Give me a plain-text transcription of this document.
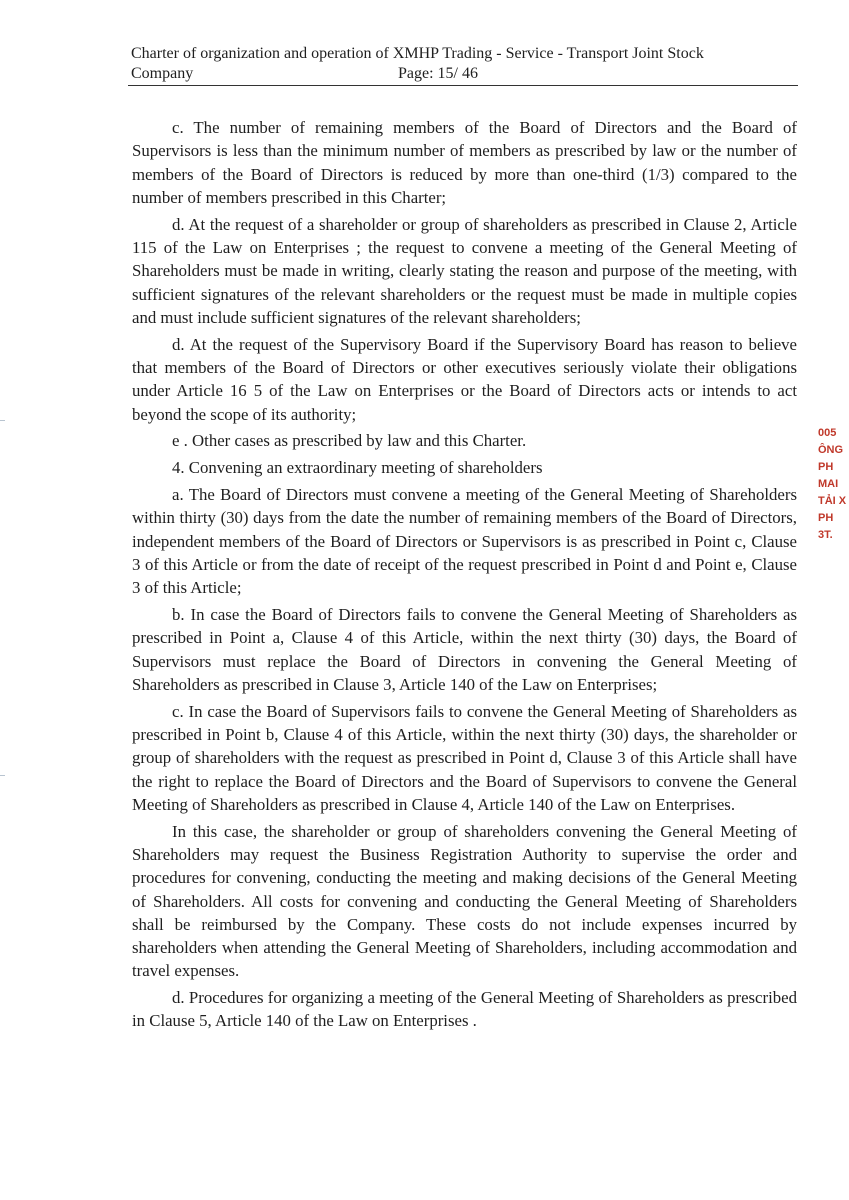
Charter of organization and operation of XMHP Trading - Service - Transport Joint Stock
Company	Page: 15/ 46

c. The number of remaining members of the Board of Directors and the Board of Supervisors is less than the minimum number of members as prescribed by law or the number of members of the Board of Directors is reduced by more than one-third (1/3) compared to the number of members prescribed in this Charter;

d. At the request of a shareholder or group of shareholders as prescribed in Clause 2, Article 115 of the Law on Enterprises ; the request to convene a meeting of the General Meeting of Shareholders must be made in writing, clearly stating the reason and purpose of the meeting, with sufficient signatures of the relevant shareholders or the request must be made in multiple copies and must include sufficient signatures of the relevant shareholders;

d. At the request of the Supervisory Board if the Supervisory Board has reason to believe that members of the Board of Directors or other executives seriously violate their obligations under Article 16 5 of the Law on Enterprises or the Board of Directors acts or intends to act beyond the scope of its authority;

e . Other cases as prescribed by law and this Charter.

4. Convening an extraordinary meeting of shareholders

a. The Board of Directors must convene a meeting of the General Meeting of Shareholders within thirty (30) days from the date the number of remaining members of the Board of Directors, independent members of the Board of Directors or Supervisors is as prescribed in Point c, Clause 3 of this Article or from the date of receipt of the request prescribed in Point d and Point e, Clause 3 of this Article;

b. In case the Board of Directors fails to convene the General Meeting of Shareholders as prescribed in Point a, Clause 4 of this Article, within the next thirty (30) days, the Board of Supervisors must replace the Board of Directors in convening the General Meeting of Shareholders as prescribed in Clause 3, Article 140 of the Law on Enterprises;

c. In case the Board of Supervisors fails to convene the General Meeting of Shareholders as prescribed in Point b, Clause 4 of this Article, within the next thirty (30) days, the shareholder or group of shareholders with the request as prescribed in Point d, Clause 3 of this Article shall have the right to replace the Board of Directors and the Board of Supervisors to convene the General Meeting of Shareholders as prescribed in Clause 4, Article 140 of the Law on Enterprises.

In this case, the shareholder or group of shareholders convening the General Meeting of Shareholders may request the Business Registration Authority to supervise the order and procedures for convening, conducting the meeting and making decisions of the General Meeting of Shareholders. All costs for convening and conducting the General Meeting of Shareholders shall be reimbursed by the Company. These costs do not include expenses incurred by shareholders when attending the General Meeting of Shareholders, including accommodation and travel expenses.

d. Procedures for organizing a meeting of the General Meeting of Shareholders as prescribed in Clause 5, Article 140 of the Law on Enterprises .

005
ÔNG
PH
MAI
TẢI X
PH
3T.
